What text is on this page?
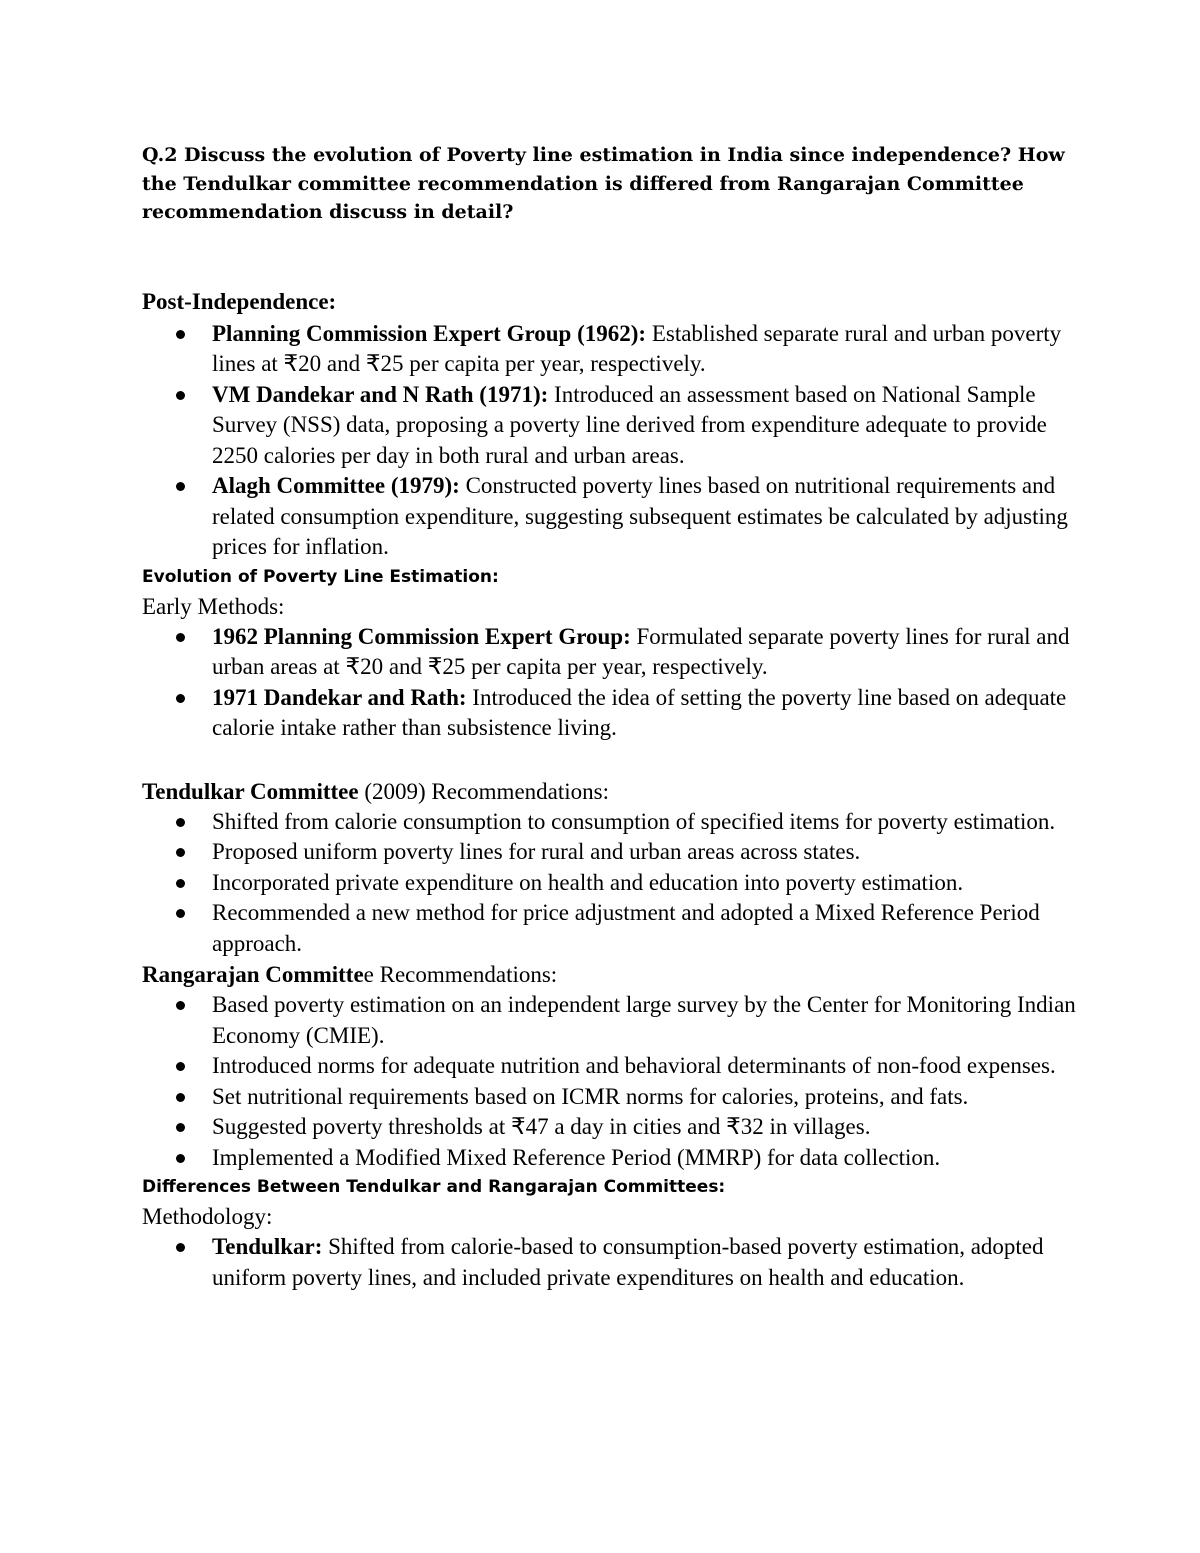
Q.2 Discuss the evolution of Poverty line estimation in India since independence? How the Tendulkar committee recommendation is differed from Rangarajan Committee recommendation discuss in detail?

Post-Independence:

Planning Commission Expert Group (1962): Established separate rural and urban poverty lines at ₹20 and ₹25 per capita per year, respectively.
VM Dandekar and N Rath (1971): Introduced an assessment based on National Sample Survey (NSS) data, proposing a poverty line derived from expenditure adequate to provide 2250 calories per day in both rural and urban areas.
Alagh Committee (1979): Constructed poverty lines based on nutritional requirements and related consumption expenditure, suggesting subsequent estimates be calculated by adjusting prices for inflation.

Evolution of Poverty Line Estimation:

Early Methods:

1962 Planning Commission Expert Group: Formulated separate poverty lines for rural and urban areas at ₹20 and ₹25 per capita per year, respectively.
1971 Dandekar and Rath: Introduced the idea of setting the poverty line based on adequate calorie intake rather than subsistence living.

Tendulkar Committee (2009) Recommendations:

Shifted from calorie consumption to consumption of specified items for poverty estimation.
Proposed uniform poverty lines for rural and urban areas across states.
Incorporated private expenditure on health and education into poverty estimation.
Recommended a new method for price adjustment and adopted a Mixed Reference Period approach.

Rangarajan Committee Recommendations:

Based poverty estimation on an independent large survey by the Center for Monitoring Indian Economy (CMIE).
Introduced norms for adequate nutrition and behavioral determinants of non-food expenses.
Set nutritional requirements based on ICMR norms for calories, proteins, and fats.
Suggested poverty thresholds at ₹47 a day in cities and ₹32 in villages.
Implemented a Modified Mixed Reference Period (MMRP) for data collection.

Differences Between Tendulkar and Rangarajan Committees:

Methodology:

Tendulkar: Shifted from calorie-based to consumption-based poverty estimation, adopted uniform poverty lines, and included private expenditures on health and education.
